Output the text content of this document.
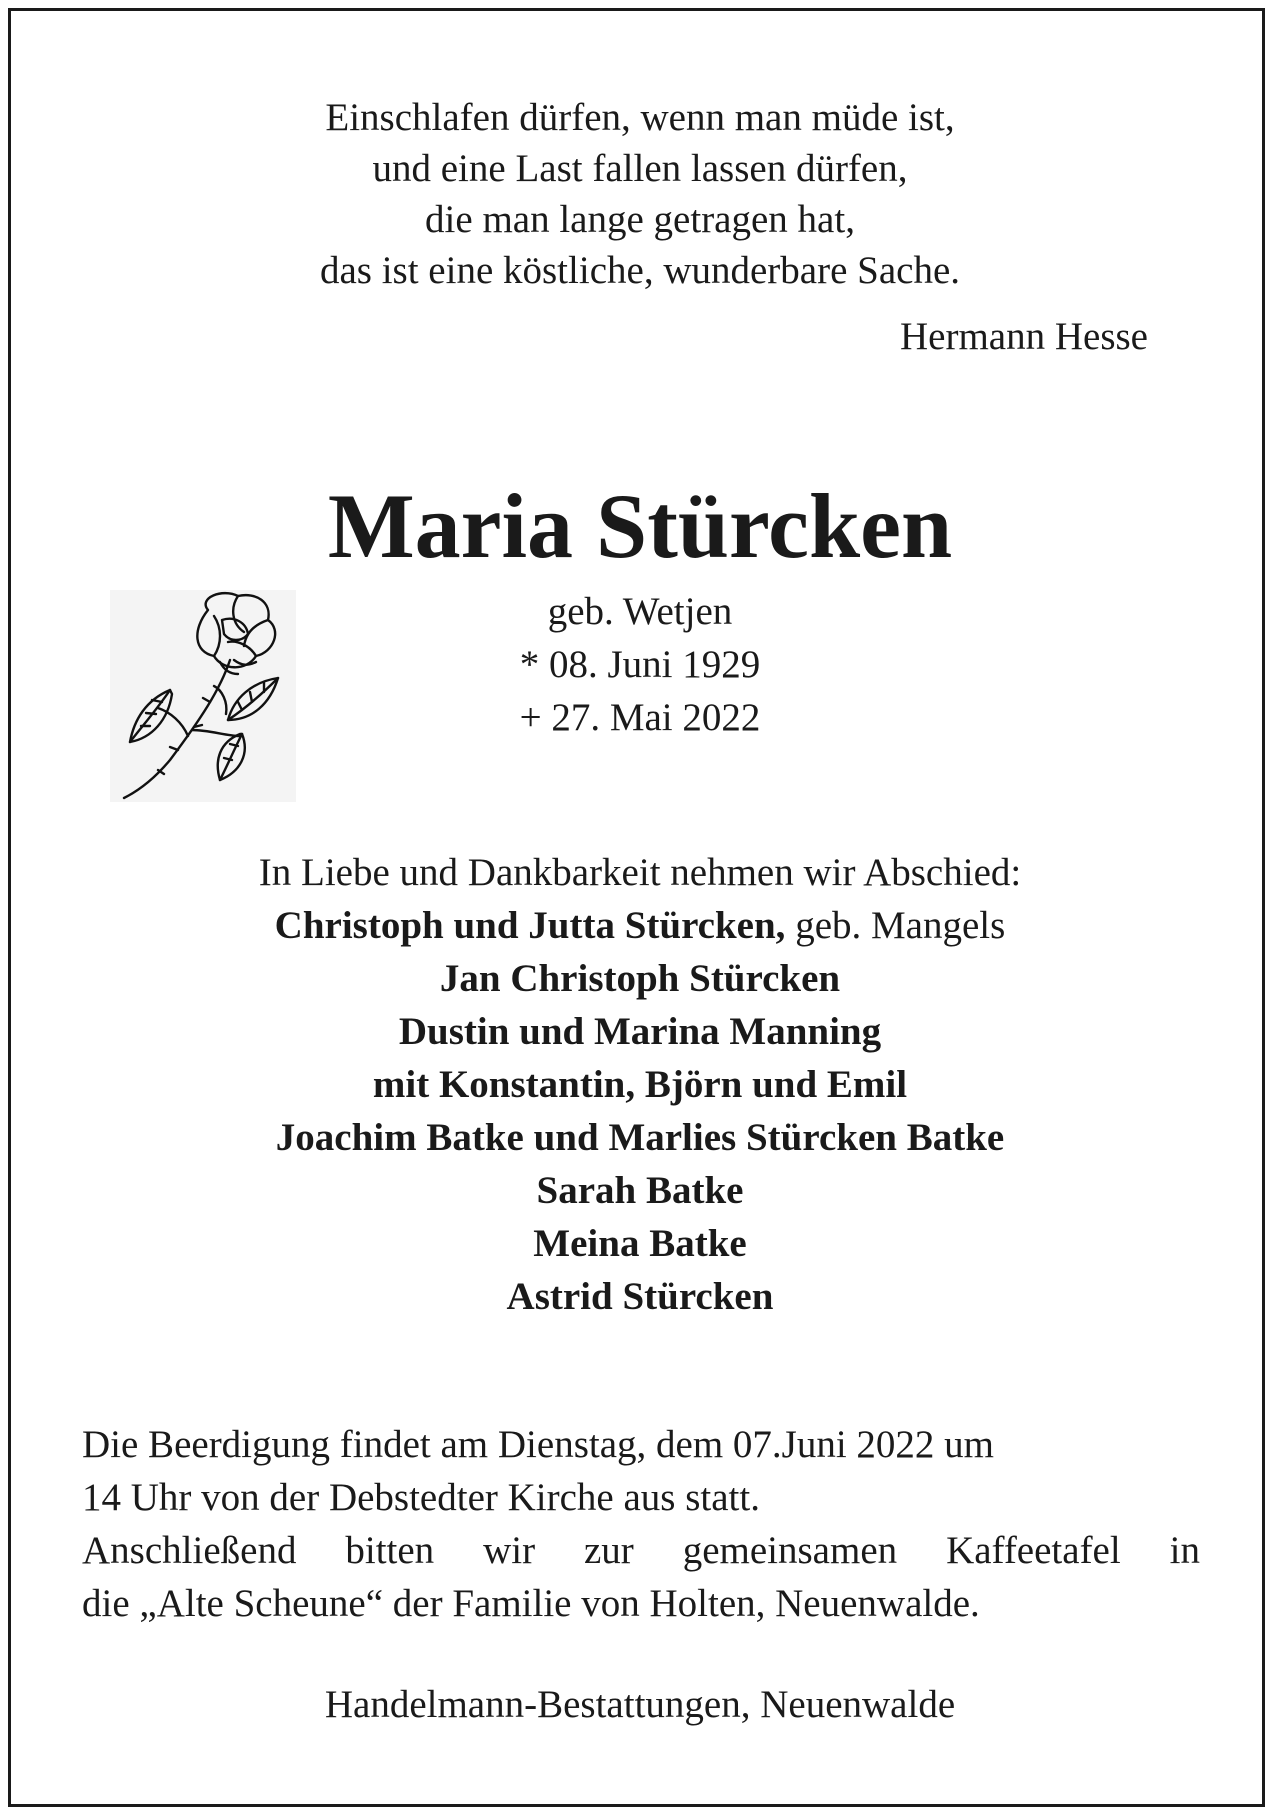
Einschlafen dürfen, wenn man müde ist,
und eine Last fallen lassen dürfen,
die man lange getragen hat,
das ist eine köstliche, wunderbare Sache.
Hermann Hesse
Maria Stürcken
geb. Wetjen
* 08. Juni 1929
+ 27. Mai 2022
In Liebe und Dankbarkeit nehmen wir Abschied:
Christoph und Jutta Stürcken, geb. Mangels
Jan Christoph Stürcken
Dustin und Marina Manning
mit Konstantin, Björn und Emil
Joachim Batke und Marlies Stürcken Batke
Sarah Batke
Meina Batke
Astrid Stürcken
Die Beerdigung findet am Dienstag, dem 07.Juni 2022 um
14 Uhr von der Debstedter Kirche aus statt.
Anschließend bitten wir zur gemeinsamen Kaffeetafel in
die „Alte Scheune“ der Familie von Holten, Neuenwalde.
Handelmann-Bestattungen, Neuenwalde
